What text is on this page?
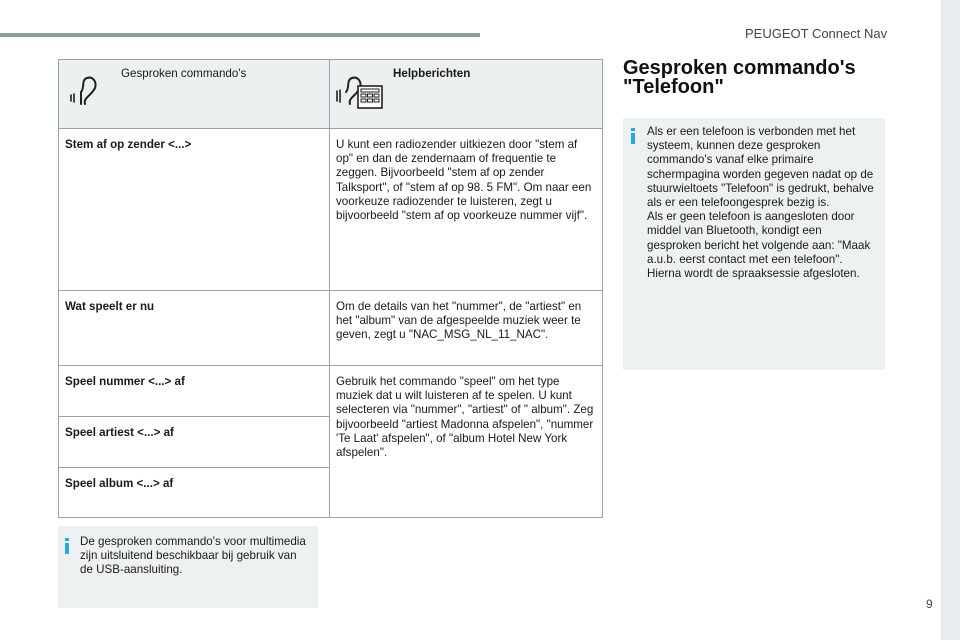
PEUGEOT Connect Nav
9
Gesproken commando's	Helpberichten

Stem af op zender <...>	U kunt een radiozender uitkiezen door "stem af op" en dan de zendernaam of frequentie te zeggen. Bijvoorbeeld "stem af op zender Talksport", of "stem af op 98. 5 FM". Om naar een voorkeuze radiozender te luisteren, zegt u bijvoorbeeld "stem af op voorkeuze nummer vijf".

Wat speelt er nu	Om de details van het "nummer", de "artiest" en het "album" van de afgespeelde muziek weer te geven, zegt u "NAC_MSG_NL_11_NAC".

Speel nummer <...> af	Gebruik het commando "speel" om het type muziek dat u wilt luisteren af te spelen. U kunt selecteren via "nummer", "artiest" of " album". Zeg bijvoorbeeld "artiest Madonna afspelen", "nummer 'Te Laat' afspelen", of "album Hotel New York afspelen".

Speel artiest <...> af	

Speel album <...> af	
De gesproken commando's voor multimedia zijn uitsluitend beschikbaar bij gebruik van de USB-aansluiting.
Gesproken commando's "Telefoon"
Als er een telefoon is verbonden met het systeem, kunnen deze gesproken commando's vanaf elke primaire schermpagina worden gegeven nadat op de stuurwieltoets "Telefoon" is gedrukt, behalve als er een telefoongesprek bezig is.
Als er geen telefoon is aangesloten door middel van Bluetooth, kondigt een gesproken bericht het volgende aan: "Maak a.u.b. eerst contact met een telefoon". Hierna wordt de spraaksessie afgesloten.
